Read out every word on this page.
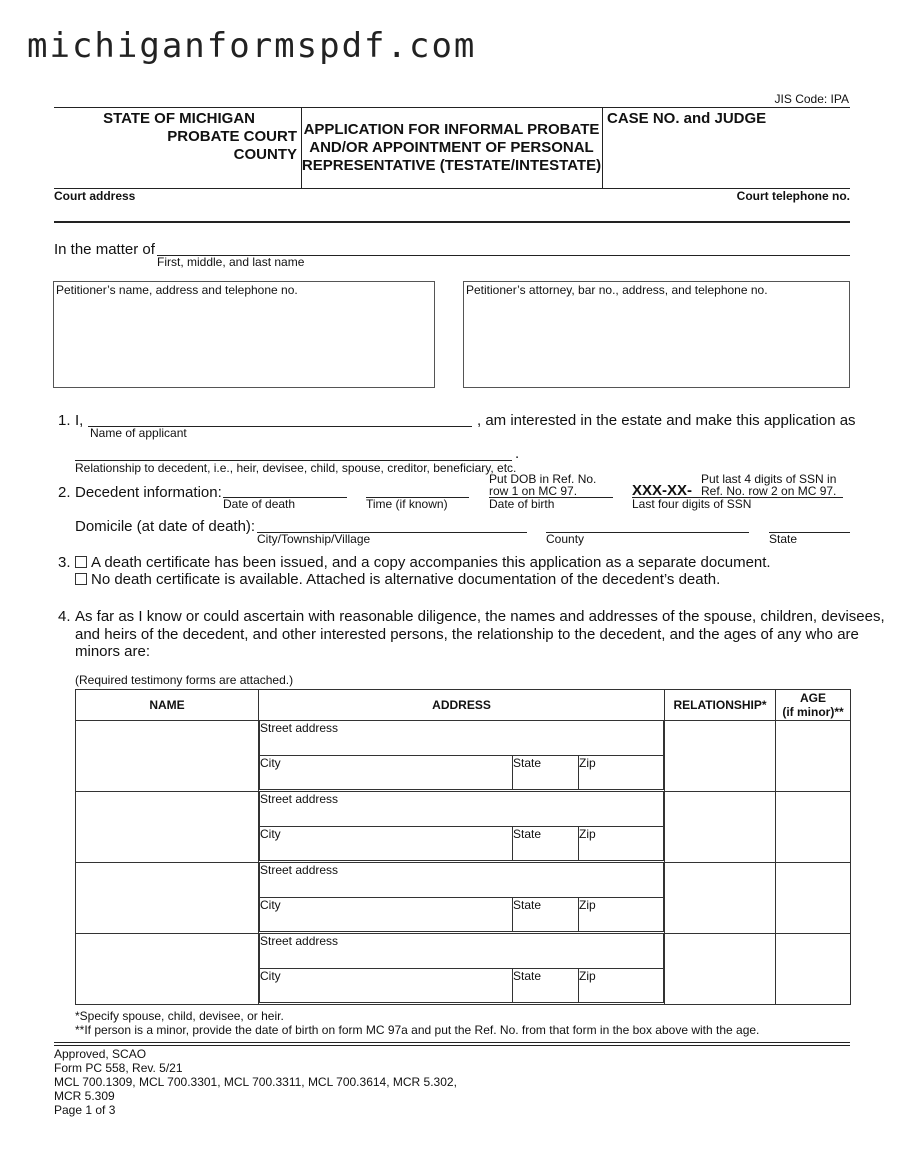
michiganformspdf.com
JIS Code: IPA
STATE OF MICHIGAN
PROBATE COURT
COUNTY
APPLICATION FOR INFORMAL PROBATE
AND/OR APPOINTMENT OF PERSONAL
REPRESENTATIVE (TESTATE/INTESTATE)
CASE NO. and JUDGE
Court address	Court telephone no.
In the matter of
First, middle, and last name
Petitioner’s name, address and telephone no.	Petitioner’s attorney, bar no., address, and telephone no.
1. I,
Name of applicant
, am interested in the estate and make this application as
.
Relationship to decedent, i.e., heir, devisee, child, spouse, creditor, beneficiary, etc.
2. Decedent information:
Date of death	Time (if known)
Put DOB in Ref. No.
row 1 on MC 97.
Date of birth
XXX-XX-
Put last 4 digits of SSN in
Ref. No. row 2 on MC 97.
Last four digits of SSN
Domicile (at date of death):
City/Township/Village	County	State
3.	A death certificate has been issued, and a copy accompanies this application as a separate document.
No death certificate is available. Attached is alternative documentation of the decedent’s death.
4. As far as I know or could ascertain with reasonable diligence, the names and addresses of the spouse, children, devisees,
and heirs of the decedent, and other interested persons, the relationship to the decedent, and the ages of any who are
minors are:
(Required testimony forms are attached.)
NAME	ADDRESS	RELATIONSHIP*	AGE
(if minor)**

Street address
City	State	Zip

Street address
City	State	Zip

Street address
City	State	Zip

Street address
City	State	Zip

*Specify spouse, child, devisee, or heir.
**If person is a minor, provide the date of birth on form MC 97a and put the Ref. No. from that form in the box above with the age.
Approved, SCAO
Form PC 558, Rev. 5/21
MCL 700.1309, MCL 700.3301, MCL 700.3311, MCL 700.3614, MCR 5.302,
MCR 5.309
Page 1 of 3
